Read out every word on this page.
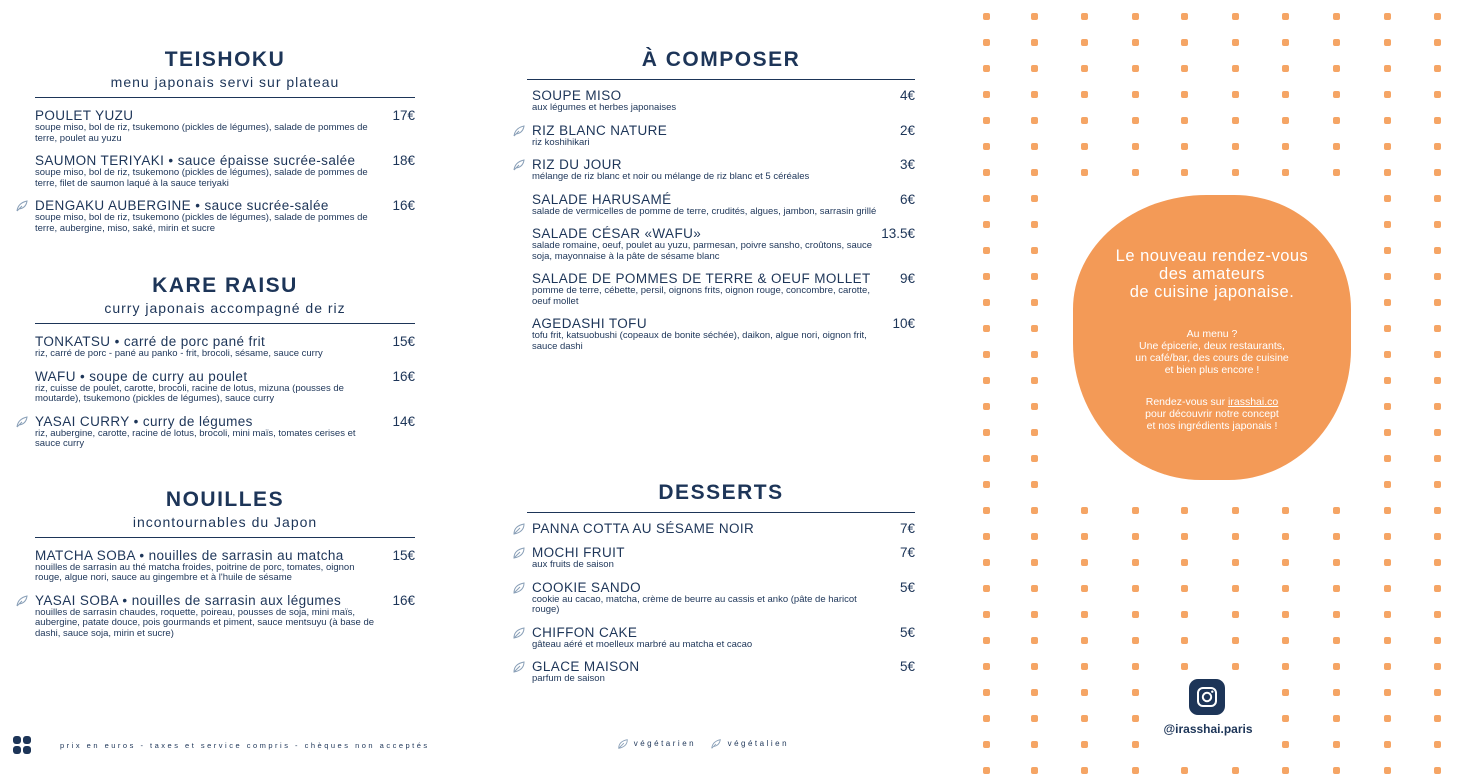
TEISHOKU
menu japonais servi sur plateau
POULET YUZU	17€
soupe miso, bol de riz, tsukemono (pickles de légumes), salade de pommes de terre, poulet au yuzu
SAUMON TERIYAKI • sauce épaisse sucrée-salée	18€
soupe miso, bol de riz, tsukemono (pickles de légumes), salade de pommes de terre, filet de saumon laqué à la sauce teriyaki
DENGAKU AUBERGINE • sauce sucrée-salée	16€
soupe miso, bol de riz, tsukemono (pickles de légumes), salade de pommes de terre, aubergine, miso, saké, mirin et sucre
KARE RAISU
curry japonais accompagné de riz
TONKATSU • carré de porc pané frit	15€
riz, carré de porc - pané au panko - frit, brocoli, sésame, sauce curry
WAFU • soupe de curry au poulet	16€
riz, cuisse de poulet, carotte, brocoli, racine de lotus, mizuna (pousses de moutarde), tsukemono (pickles de légumes), sauce curry
YASAI CURRY • curry de légumes	14€
riz, aubergine, carotte, racine de lotus, brocoli, mini maïs, tomates cerises et sauce curry
NOUILLES
incontournables du Japon
MATCHA SOBA • nouilles de sarrasin au matcha	15€
nouilles de sarrasin au thé matcha froides, poitrine de porc, tomates, oignon rouge, algue nori, sauce au gingembre et à l'huile de sésame
YASAI SOBA • nouilles de sarrasin aux légumes	16€
nouilles de sarrasin chaudes, roquette, poireau, pousses de soja, mini maïs, aubergine, patate douce, pois gourmands et piment, sauce mentsuyu (à base de dashi, sauce soja, mirin et sucre)
prix en euros - taxes et service compris - chèques non acceptés
À COMPOSER
SOUPE MISO	4€
aux légumes et herbes japonaises
RIZ BLANC NATURE	2€
riz koshihikari
RIZ DU JOUR	3€
mélange de riz blanc et noir ou mélange de riz blanc et 5 céréales
SALADE HARUSAMÉ	6€
salade de vermicelles de pomme de terre, crudités, algues, jambon, sarrasin grillé
SALADE CÉSAR «WAFU»	13.5€
salade romaine, oeuf, poulet au yuzu, parmesan, poivre sansho, croûtons, sauce soja, mayonnaise à la pâte de sésame blanc
SALADE DE POMMES DE TERRE & OEUF MOLLET	9€
pomme de terre, cébette, persil, oignons frits, oignon rouge, concombre, carotte, oeuf mollet
AGEDASHI TOFU	10€
tofu frit, katsuobushi (copeaux de bonite séchée), daikon, algue nori, oignon frit, sauce dashi
DESSERTS
PANNA COTTA AU SÉSAME NOIR	7€
MOCHI FRUIT	7€
aux fruits de saison
COOKIE SANDO	5€
cookie au cacao, matcha, crème de beurre au cassis et anko (pâte de haricot rouge)
CHIFFON CAKE	5€
gâteau aéré et moelleux marbré au matcha et cacao
GLACE MAISON	5€
parfum de saison
végétarien	végétalien
Le nouveau rendez-vous
des amateurs
de cuisine japonaise.
Au menu ?
Une épicerie, deux restaurants,
un café/bar, des cours de cuisine
et bien plus encore !
Rendez-vous sur irasshai.co
pour découvrir notre concept
et nos ingrédients japonais !
@irasshai.paris
